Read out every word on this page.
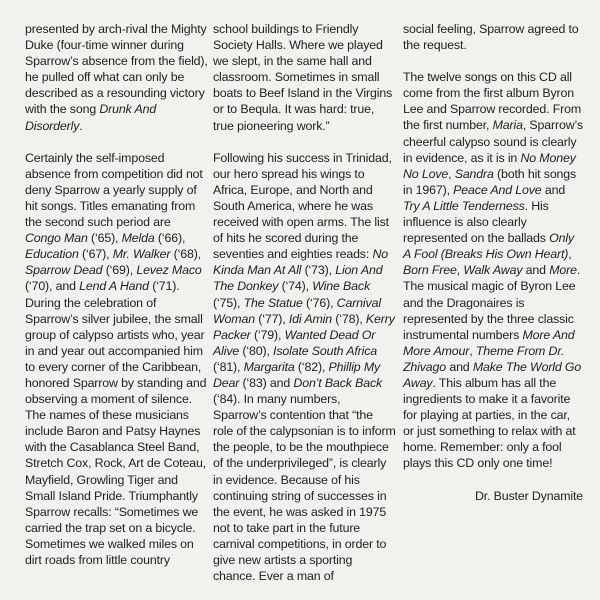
presented by arch-rival the Mighty Duke (four-time winner during Sparrow’s absence from the field), he pulled off what can only be described as a resounding victory with the song Drunk And Disorderly.

Certainly the self-imposed absence from competition did not deny Sparrow a yearly supply of hit songs. Titles emanating from the second such period are Congo Man (‘65), Melda (‘66), Education (‘67), Mr. Walker (‘68), Sparrow Dead (‘69), Levez Maco (‘70), and Lend A Hand (‘71). During the celebration of Sparrow’s silver jubilee, the small group of calypso artists who, year in and year out accompanied him to every corner of the Caribbean, honored Sparrow by standing and observing a moment of silence. The names of these musicians include Baron and Patsy Haynes with the Casablanca Steel Band, Stretch Cox, Rock, Art de Coteau, Mayfield, Growling Tiger and Small Island Pride. Triumphantly Sparrow recalls: “Sometimes we carried the trap set on a bicycle. Sometimes we walked miles on dirt roads from little country

school buildings to Friendly Society Halls. Where we played we slept, in the same hall and classroom. Sometimes in small boats to Beef Island in the Virgins or to Bequla. It was hard: true, true pioneering work.”

Following his success in Trinidad, our hero spread his wings to Africa, Europe, and North and South America, where he was received with open arms. The list of hits he scored during the seventies and eighties reads: No Kinda Man At All (‘73), Lion And The Donkey (‘74), Wine Back (‘75), The Statue (‘76), Carnival Woman (‘77), Idi Amin (‘78), Kerry Packer (‘79), Wanted Dead Or Alive (‘80), Isolate South Africa (‘81), Margarita (‘82), Phillip My Dear (‘83) and Don’t Back Back (‘84). In many numbers, Sparrow’s contention that “the role of the calypsonian is to inform the people, to be the mouthpiece of the underprivileged”, is clearly in evidence. Because of his continuing string of successes in the event, he was asked in 1975 not to take part in the future carnival competitions, in order to give new artists a sporting chance. Ever a man of

social feeling, Sparrow agreed to the request.

The twelve songs on this CD all come from the first album Byron Lee and Sparrow recorded. From the first number, Maria, Sparrow’s cheerful calypso sound is clearly in evidence, as it is in No Money No Love, Sandra (both hit songs in 1967), Peace And Love and Try A Little Tenderness. His influence is also clearly represented on the ballads Only A Fool (Breaks His Own Heart), Born Free, Walk Away and More. The musical magic of Byron Lee and the Dragonaires is represented by the three classic instrumental numbers More And More Amour, Theme From Dr. Zhivago and Make The World Go Away. This album has all the ingredients to make it a favorite for playing at parties, in the car, or just something to relax with at home. Remember: only a fool plays this CD only one time!

Dr. Buster Dynamite
